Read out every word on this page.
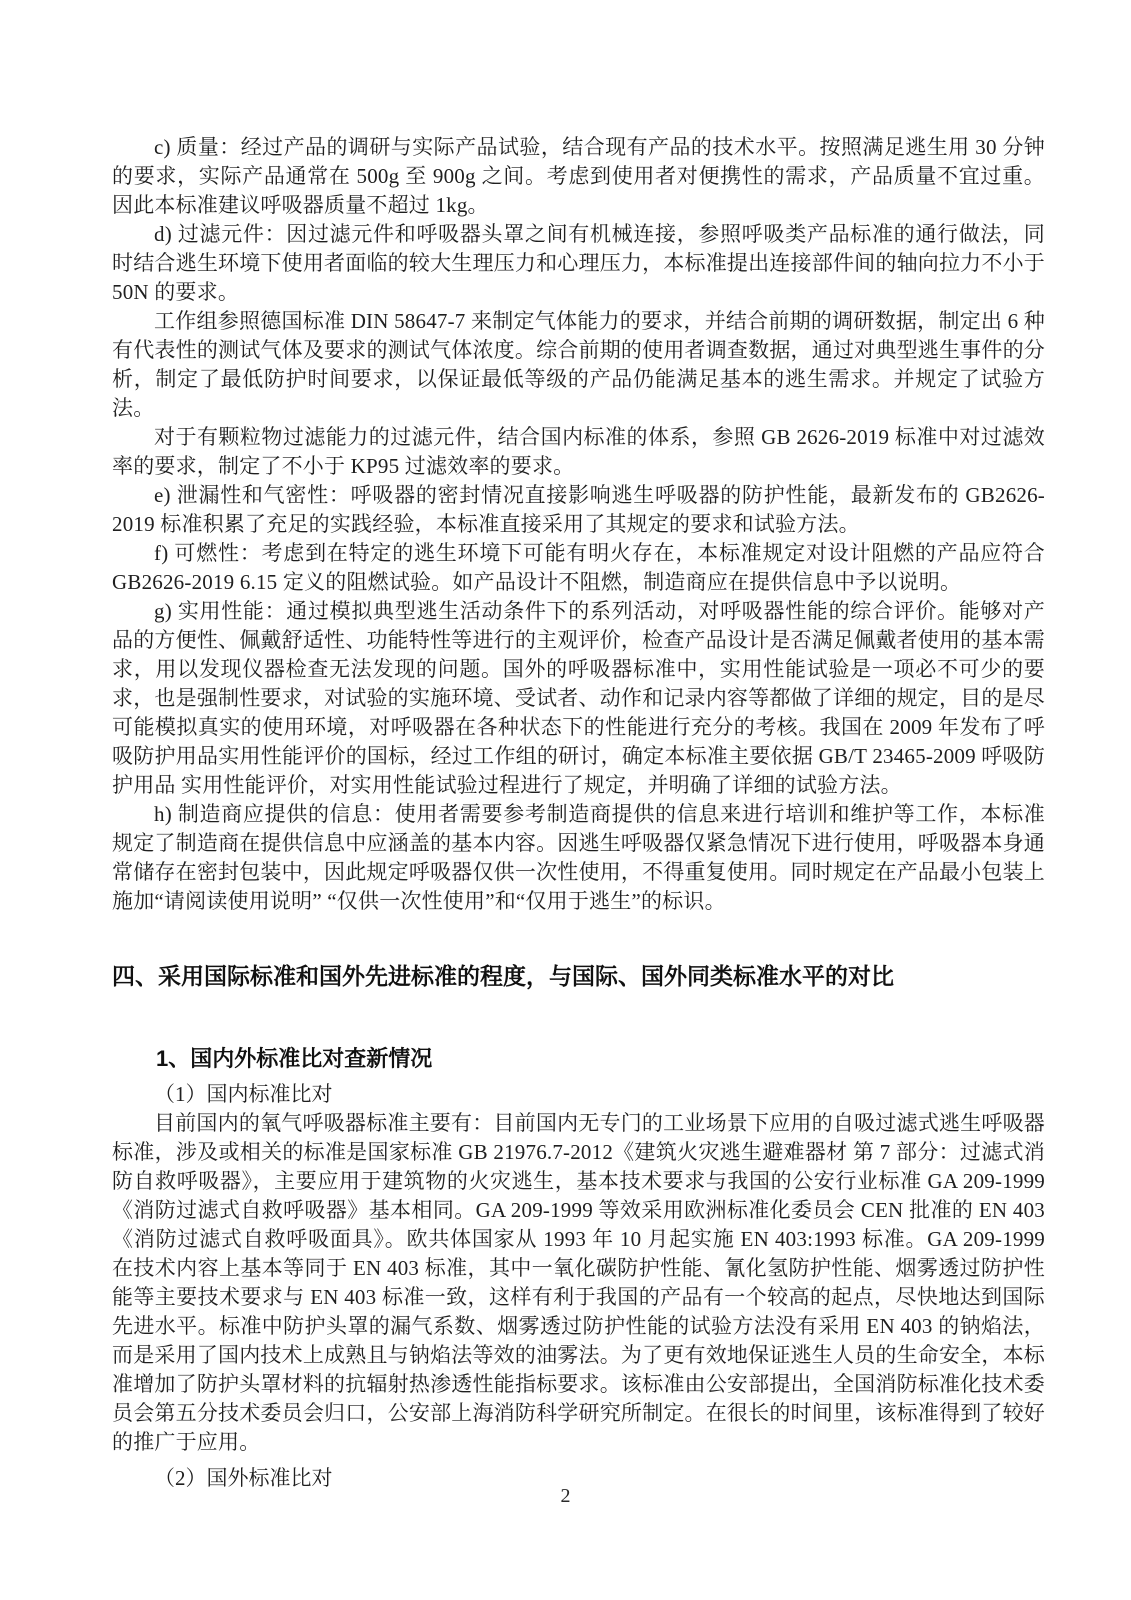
c) 质量：经过产品的调研与实际产品试验，结合现有产品的技术水平。按照满足逃生用 30 分钟的要求，实际产品通常在 500g 至 900g 之间。考虑到使用者对便携性的需求，产品质量不宜过重。因此本标准建议呼吸器质量不超过 1kg。

d) 过滤元件：因过滤元件和呼吸器头罩之间有机械连接，参照呼吸类产品标准的通行做法，同时结合逃生环境下使用者面临的较大生理压力和心理压力，本标准提出连接部件间的轴向拉力不小于 50N 的要求。

工作组参照德国标准 DIN 58647-7 来制定气体能力的要求，并结合前期的调研数据，制定出 6 种有代表性的测试气体及要求的测试气体浓度。综合前期的使用者调查数据，通过对典型逃生事件的分析，制定了最低防护时间要求，以保证最低等级的产品仍能满足基本的逃生需求。并规定了试验方法。

对于有颗粒物过滤能力的过滤元件，结合国内标准的体系，参照 GB 2626-2019 标准中对过滤效率的要求，制定了不小于 KP95 过滤效率的要求。

e) 泄漏性和气密性：呼吸器的密封情况直接影响逃生呼吸器的防护性能，最新发布的 GB2626-2019 标准积累了充足的实践经验，本标准直接采用了其规定的要求和试验方法。

f) 可燃性：考虑到在特定的逃生环境下可能有明火存在，本标准规定对设计阻燃的产品应符合 GB2626-2019 6.15 定义的阻燃试验。如产品设计不阻燃，制造商应在提供信息中予以说明。

g) 实用性能：通过模拟典型逃生活动条件下的系列活动，对呼吸器性能的综合评价。能够对产品的方便性、佩戴舒适性、功能特性等进行的主观评价，检查产品设计是否满足佩戴者使用的基本需求，用以发现仪器检查无法发现的问题。国外的呼吸器标准中，实用性能试验是一项必不可少的要求，也是强制性要求，对试验的实施环境、受试者、动作和记录内容等都做了详细的规定，目的是尽可能模拟真实的使用环境，对呼吸器在各种状态下的性能进行充分的考核。我国在 2009 年发布了呼吸防护用品实用性能评价的国标，经过工作组的研讨，确定本标准主要依据 GB/T 23465-2009 呼吸防护用品 实用性能评价，对实用性能试验过程进行了规定，并明确了详细的试验方法。

h) 制造商应提供的信息：使用者需要参考制造商提供的信息来进行培训和维护等工作，本标准规定了制造商在提供信息中应涵盖的基本内容。因逃生呼吸器仅紧急情况下进行使用，呼吸器本身通常储存在密封包装中，因此规定呼吸器仅供一次性使用，不得重复使用。同时规定在产品最小包装上施加“请阅读使用说明” “仅供一次性使用”和“仅用于逃生”的标识。

四、采用国际标准和国外先进标准的程度，与国际、国外同类标准水平的对比
1、国内外标准比对查新情况

（1）国内标准比对

目前国内的氧气呼吸器标准主要有：目前国内无专门的工业场景下应用的自吸过滤式逃生呼吸器标准，涉及或相关的标准是国家标准 GB 21976.7-2012《建筑火灾逃生避难器材 第 7 部分：过滤式消防自救呼吸器》，主要应用于建筑物的火灾逃生，基本技术要求与我国的公安行业标准 GA 209-1999《消防过滤式自救呼吸器》基本相同。GA 209-1999 等效采用欧洲标准化委员会 CEN 批准的 EN 403《消防过滤式自救呼吸面具》。欧共体国家从 1993 年 10 月起实施 EN 403:1993 标准。GA 209-1999 在技术内容上基本等同于 EN 403 标准，其中一氧化碳防护性能、氰化氢防护性能、烟雾透过防护性能等主要技术要求与 EN 403 标准一致，这样有利于我国的产品有一个较高的起点，尽快地达到国际先进水平。标准中防护头罩的漏气系数、烟雾透过防护性能的试验方法没有采用 EN 403 的钠焰法，而是采用了国内技术上成熟且与钠焰法等效的油雾法。为了更有效地保证逃生人员的生命安全，本标准增加了防护头罩材料的抗辐射热渗透性能指标要求。该标准由公安部提出，全国消防标准化技术委员会第五分技术委员会归口，公安部上海消防科学研究所制定。在很长的时间里，该标准得到了较好的推广于应用。

（2）国外标准比对

2
